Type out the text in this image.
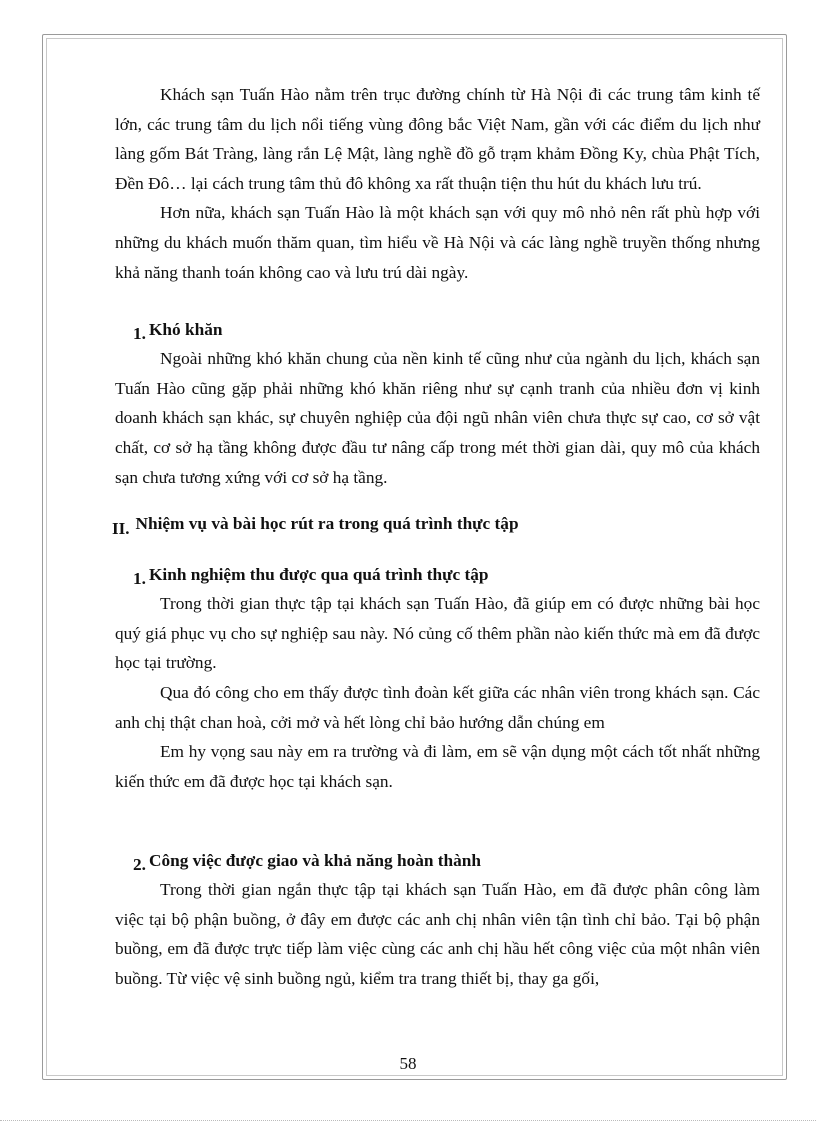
Khách sạn Tuấn Hào nằm trên trục đường chính từ Hà Nội đi các trung tâm kinh tế lớn, các trung tâm du lịch nổi tiếng vùng đông bắc Việt Nam, gần với các điểm du lịch như làng gốm Bát Tràng, làng rắn Lệ Mật, làng nghề đồ gỗ trạm khảm Đồng Ky, chùa Phật Tích, Đền Đô… lại cách trung tâm thủ đô không xa rất thuận tiện thu hút du khách lưu trú.

Hơn nữa, khách sạn Tuấn Hào là một khách sạn với quy mô nhỏ nên rất phù hợp với những du khách muốn thăm quan, tìm hiểu về Hà Nội và các làng nghề truyền thống nhưng khả năng thanh toán không cao và lưu trú dài ngày.

1. Khó khăn

Ngoài những khó khăn chung của nền kinh tế cũng như của ngành du lịch, khách sạn Tuấn Hào cũng gặp phải những khó khăn riêng như sự cạnh tranh của nhiều đơn vị kinh doanh khách sạn khác, sự chuyên nghiệp của đội ngũ nhân viên chưa thực sự cao, cơ sở vật chất, cơ sở hạ tầng không được đầu tư nâng cấp trong mét thời gian dài, quy mô của khách sạn chưa tương xứng với cơ sở hạ tầng.

II. Nhiệm vụ và bài học rút ra trong quá trình thực tập
1. Kinh nghiệm thu được qua quá trình thực tập

Trong thời gian thực tập tại khách sạn Tuấn Hào, đã giúp em có được những bài học quý giá phục vụ cho sự nghiệp sau này. Nó củng cố thêm phần nào kiến thức mà em đã được học tại trường.

Qua đó công cho em thấy được tình đoàn kết giữa các nhân viên trong khách sạn. Các anh chị thật chan hoà, cởi mở và hết lòng chỉ bảo hướng dẫn chúng em

Em hy vọng sau này em ra trường và đi làm, em sẽ vận dụng một cách tốt nhất những kiến thức em đã được học tại khách sạn.

2. Công việc được giao và khả năng hoàn thành

Trong thời gian ngắn thực tập tại khách sạn Tuấn Hào, em đã được phân công làm việc tại bộ phận buồng, ở đây em được các anh chị nhân viên tận tình chỉ bảo. Tại bộ phận buồng, em đã được trực tiếp làm việc cùng các anh chị hầu hết công việc của một nhân viên buồng. Từ việc vệ sinh buồng ngủ, kiểm tra trang thiết bị, thay ga gối,

58
